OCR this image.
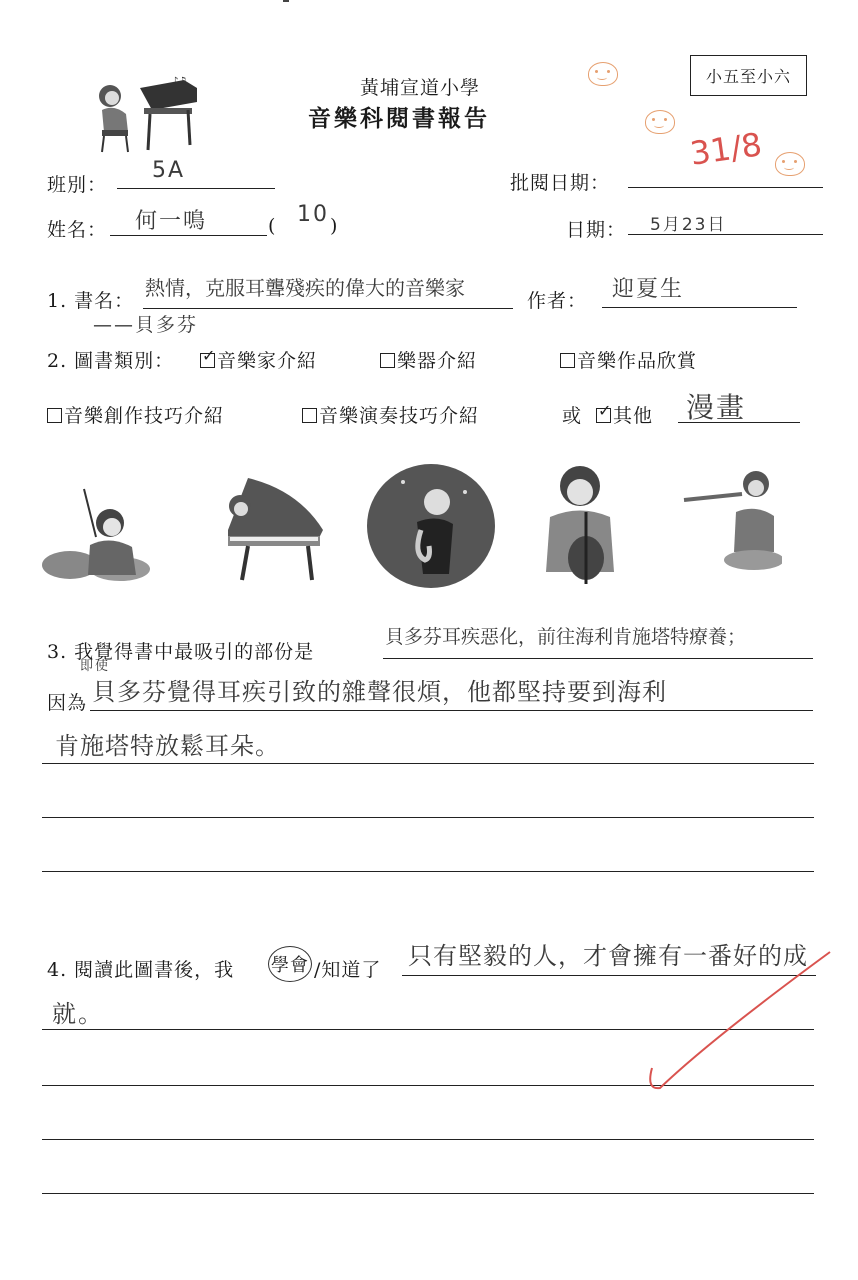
♪♫	黃埔宣道小學
音樂科閱書報告
小五至小六
31/8
班別：
5A	批閱日期：
姓名： 何一鳴	( 10 )	日期： 5月23日
1. 書名：
熱情，克服耳聾殘疾的偉大的音樂家
——貝多芬
作者： 迎夏生
2. 圖書類別： ✓	音樂家介紹	樂器介紹	音樂作品欣賞
音樂創作技巧介紹	音樂演奏技巧介紹	或 ✓	其他 漫畫
3. 我覺得書中最吸引的部份是
貝多芬耳疾惡化，前往海利肯施塔特療養；
因為
即使
貝多芬覺得耳疾引致的雜聲很煩，他都堅持要到海利
肯施塔特放鬆耳朵。
4. 閱讀此圖書後，我 學會 /知道了 只有堅毅的人，才會擁有一番好的成
就。
